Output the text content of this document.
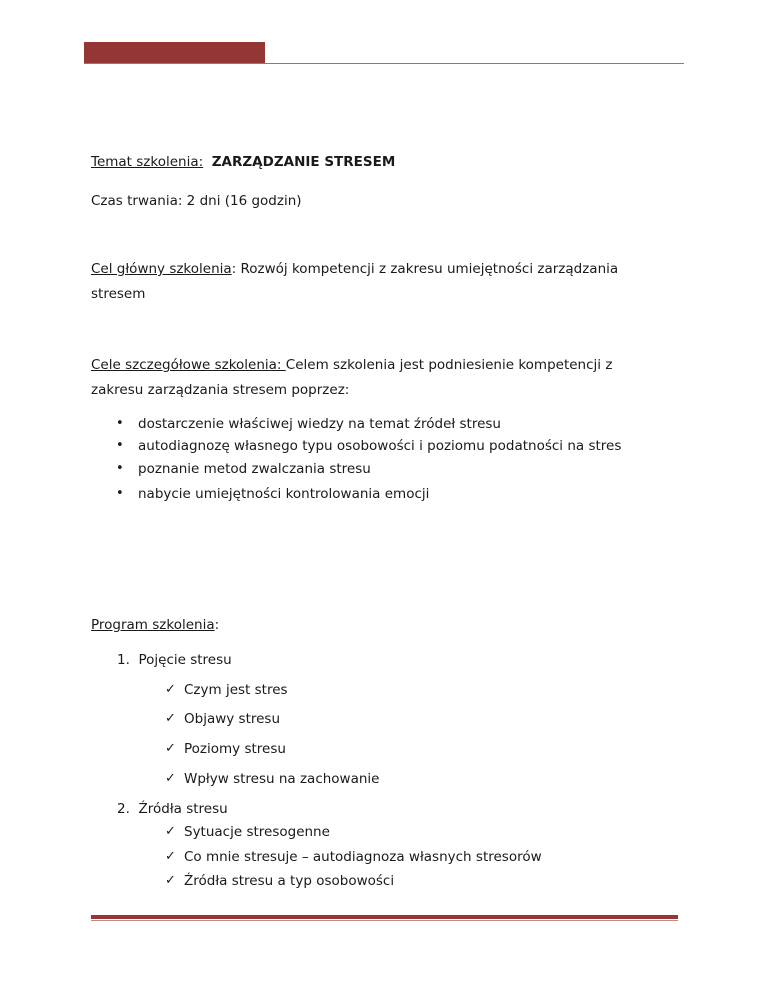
Temat szkolenia: ZARZĄDZANIE STRESEM
Czas trwania: 2 dni (16 godzin)
Cel główny szkolenia: Rozwój kompetencji z zakresu umiejętności zarządzania
stresem
Cele szczegółowe szkolenia: Celem szkolenia jest podniesienie kompetencji z
zakresu zarządzania stresem poprzez:
• dostarczenie właściwej wiedzy na temat źródeł stresu
• autodiagnozę własnego typu osobowości i poziomu podatności na stres
• poznanie metod zwalczania stresu
• nabycie umiejętności kontrolowania emocji
Program szkolenia:
1. Pojęcie stresu
✓ Czym jest stres
✓ Objawy stresu
✓ Poziomy stresu
✓ Wpływ stresu na zachowanie
2. Źródła stresu
✓ Sytuacje stresogenne
✓ Co mnie stresuje – autodiagnoza własnych stresorów
✓ Źródła stresu a typ osobowości
